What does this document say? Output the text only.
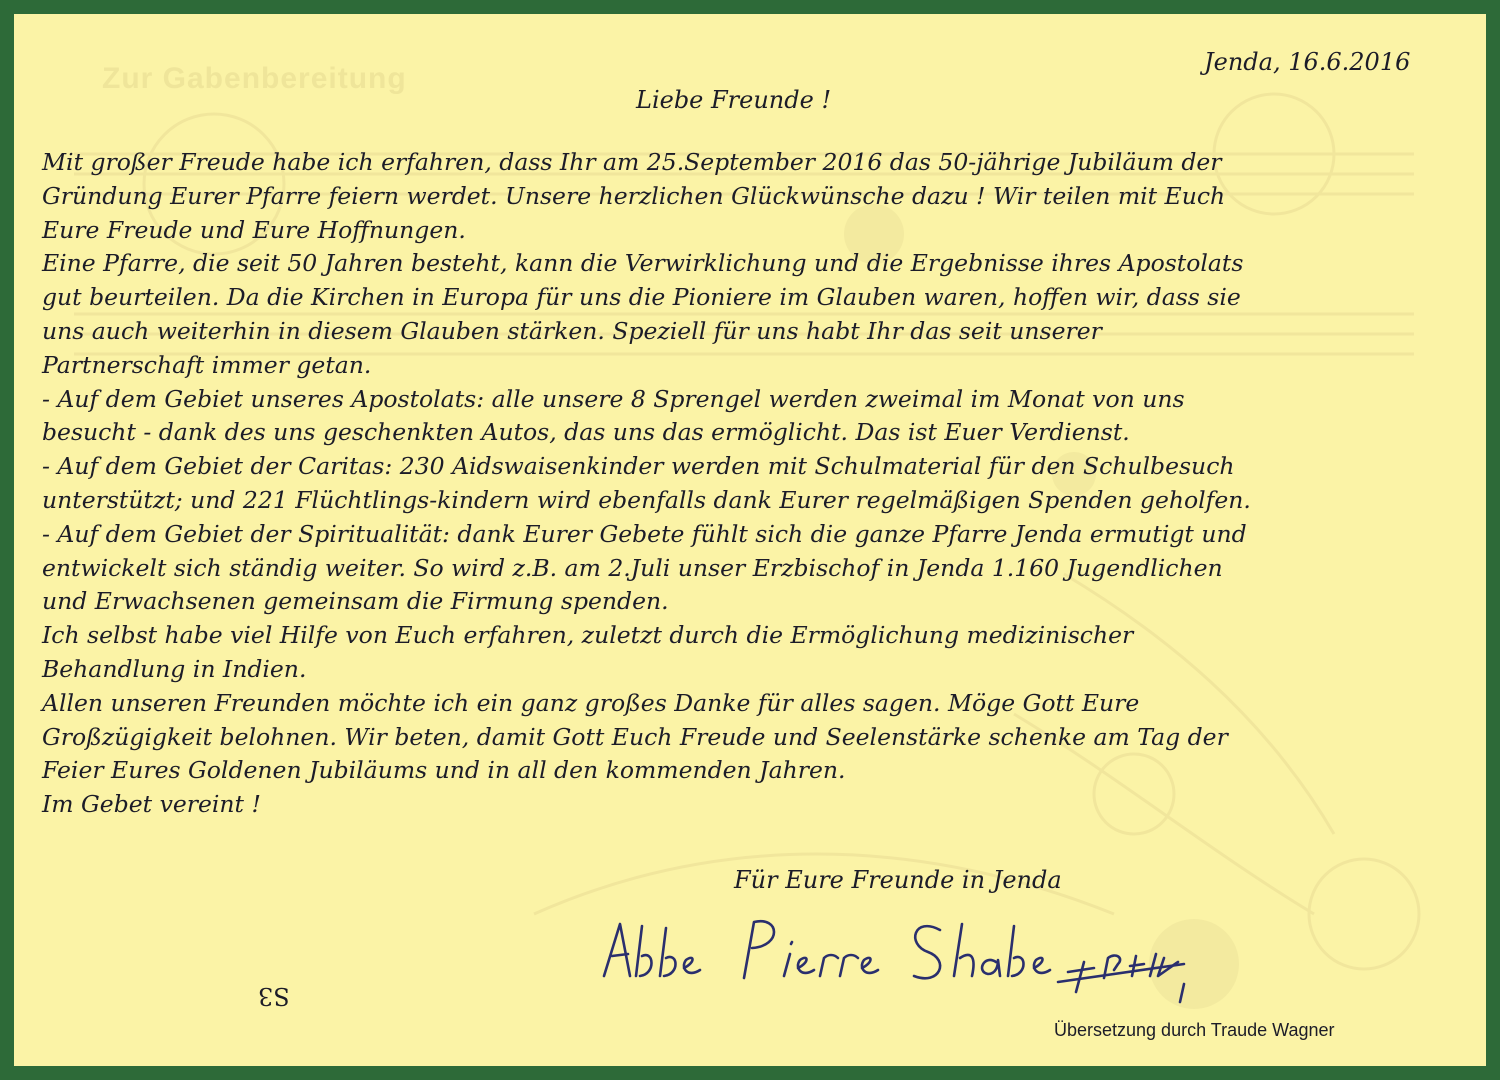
Zur Gabenbereitung	Jenda, 16.6.2016
Liebe Freunde !
Mit großer Freude habe ich erfahren, dass Ihr am 25.September 2016 das 50-jährige Jubiläum der
Gründung Eurer Pfarre feiern werdet. Unsere herzlichen Glückwünsche dazu ! Wir teilen mit Euch
Eure Freude und Eure Hoffnungen.
Eine Pfarre, die seit 50 Jahren besteht, kann die Verwirklichung und die Ergebnisse ihres Apostolats
gut beurteilen. Da die Kirchen in Europa für uns die Pioniere im Glauben waren, hoffen wir, dass sie
uns auch weiterhin in diesem Glauben stärken. Speziell für uns habt Ihr das seit unserer
Partnerschaft immer getan.
- Auf dem Gebiet unseres Apostolats: alle unsere 8 Sprengel werden zweimal im Monat von uns
besucht - dank des uns geschenkten Autos, das uns das ermöglicht. Das ist Euer Verdienst.
- Auf dem Gebiet der Caritas: 230 Aidswaisenkinder werden mit Schulmaterial für den Schulbesuch
unterstützt; und 221 Flüchtlings-kindern wird ebenfalls dank Eurer regelmäßigen Spenden geholfen.
- Auf dem Gebiet der Spiritualität: dank Eurer Gebete fühlt sich die ganze Pfarre Jenda ermutigt und
entwickelt sich ständig weiter. So wird z.B. am 2.Juli unser Erzbischof in Jenda 1.160 Jugendlichen
und Erwachsenen gemeinsam die Firmung spenden.
Ich selbst habe viel Hilfe von Euch erfahren, zuletzt durch die Ermöglichung medizinischer
Behandlung in Indien.
Allen unseren Freunden möchte ich ein ganz großes Danke für alles sagen. Möge Gott Eure
Großzügigkeit belohnen. Wir beten, damit Gott Euch Freude und Seelenstärke schenke am Tag der
Feier Eures Goldenen Jubiläums und in all den kommenden Jahren.
Im Gebet vereint !
Für Eure Freunde in Jenda
S3
Übersetzung durch Traude Wagner
